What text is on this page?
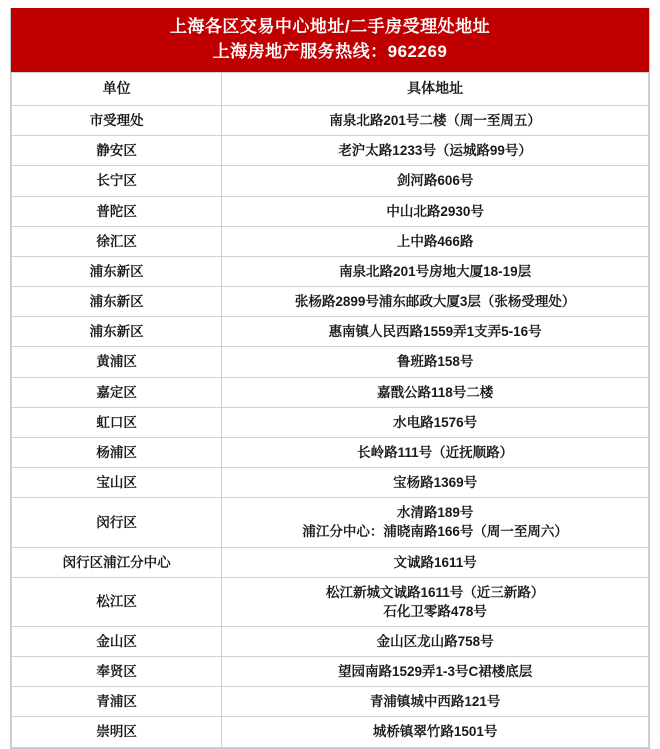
上海各区交易中心地址/二手房受理处地址
上海房地产服务热线：962269
单位	具体地址
市受理处	南泉北路201号二楼（周一至周五）
静安区	老沪太路1233号（运城路99号）
长宁区	剑河路606号
普陀区	中山北路2930号
徐汇区	上中路466路
浦东新区	南泉北路201号房地大厦18-19层
浦东新区	张杨路2899号浦东邮政大厦3层（张杨受理处）
浦东新区	惠南镇人民西路1559弄1支弄5-16号
黄浦区	鲁班路158号
嘉定区	嘉戬公路118号二楼
虹口区	水电路1576号
杨浦区	长岭路111号（近抚顺路）
宝山区	宝杨路1369号
闵行区	水清路189号
浦江分中心：浦晓南路166号（周一至周六）

闵行区浦江分中心	文诚路1611号
松江区	松江新城文诚路1611号（近三新路）
石化卫零路478号

金山区	金山区龙山路758号
奉贤区	望园南路1529弄1-3号C裙楼底层
青浦区	青浦镇城中西路121号
崇明区	城桥镇翠竹路1501号
